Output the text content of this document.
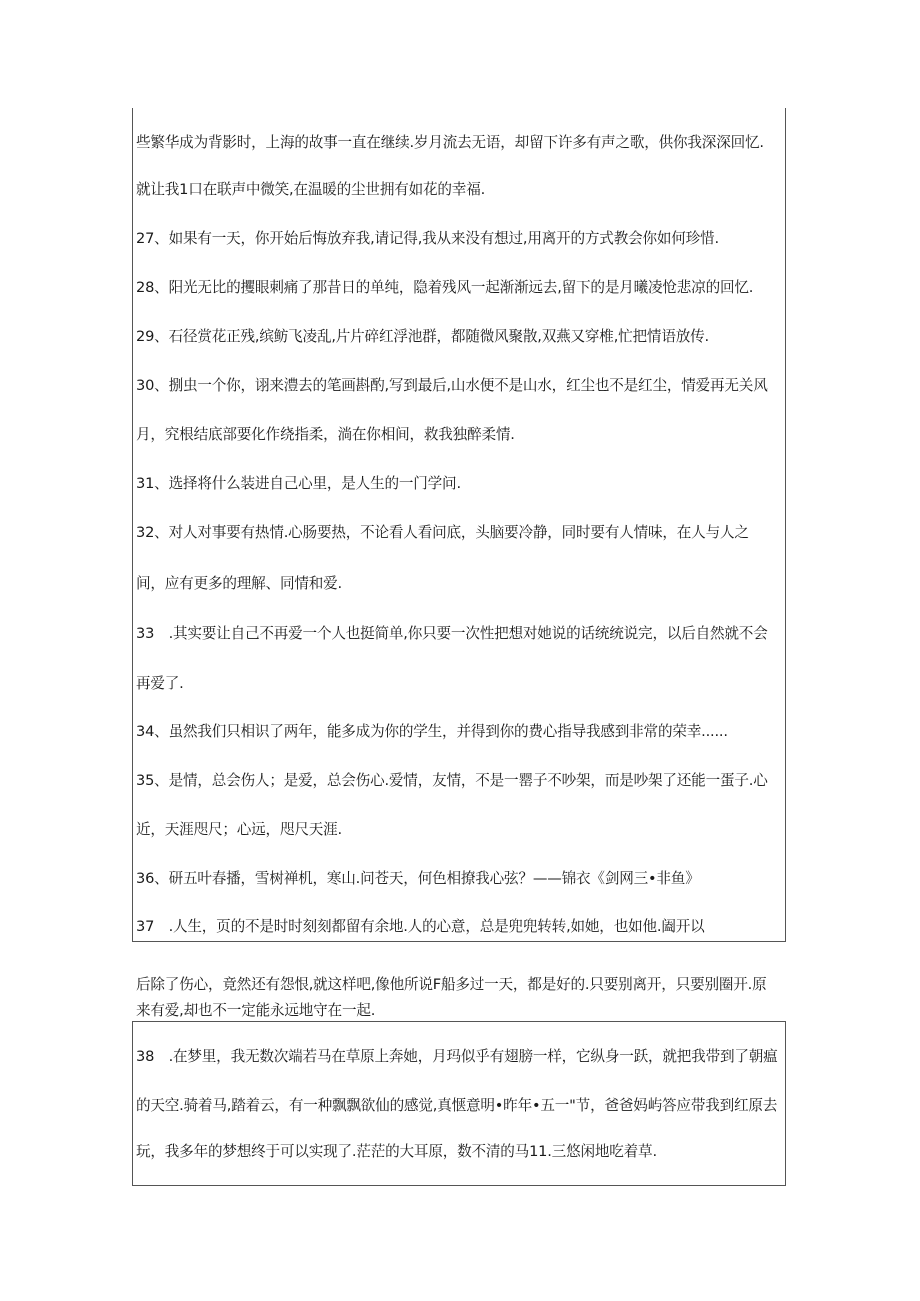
些繁华成为背影时，上海的故事一直在继续.岁月流去无语，却留下许多有声之歌，供你我深深回忆.
就让我1口在联声中微笑,在温暖的尘世拥有如花的幸福.
27、如果有一天，你开始后悔放弃我,请记得,我从来没有想过,用离开的方式教会你如何珍惜.
28、阳光无比的攫眼刺痛了那昔日的单纯，隐着残风一起渐渐远去,留下的是月曦凌怆悲凉的回忆.
29、石径赏花正残,缤鲂飞凌乱,片片碎红浮池群，都随微风聚散,双燕又穿椎,忙把情语放传.
30、捌虫一个你，诩来澧去的笔画斟酌,写到最后,山水便不是山水，红尘也不是红尘，情爱再无关风
月，究根结底部要化作绕指柔，淌在你相间，救我独醉柔情.
31、选择将什么装进自己心里，是人生的一门学问.
32、对人对事要有热情.心肠要热，不论看人看问底，头脑要冷静，同时要有人情味，在人与人之
间，应有更多的理解、同情和爱.
33　.其实要让自己不再爱一个人也挺简单,你只要一次性把想对她说的话统统说完，以后自然就不会
再爱了.
34、虽然我们只相识了两年，能多成为你的学生，并得到你的费心指导我感到非常的荣幸......
35、是情，总会伤人；是爱，总会伤心.爱情，友情，不是一罂子不吵架，而是吵架了还能一蛋子.心
近，天涯咫尺；心远，咫尺天涯.
36、研五叶春播，雪树禅机，寒山.问苍天，何色相撩我心弦？——锦衣《剑网三•非鱼》
37　.人生，页的不是时时刻刻都留有余地.人的心意，总是兜兜转转,如她，也如他.阖开以
后除了伤心，竟然还有怨恨,就这样吧,像他所说F船多过一天，都是好的.只要别离开，只要别圈开.原
来有爱,却也不一定能永远地守在一起.
38　.在梦里，我无数次端若马在草原上奔她，月玛似乎有翅膀一样，它纵身一跃，就把我带到了朝瘟
的天空.骑着马,踏着云，有一种飘飘欲仙的感觉,真惬意明•昨年•五一"节，爸爸妈屿答应带我到红原去
玩，我多年的梦想终于可以实现了.茫茫的大耳原，数不清的马11.三悠闲地吃着草.
